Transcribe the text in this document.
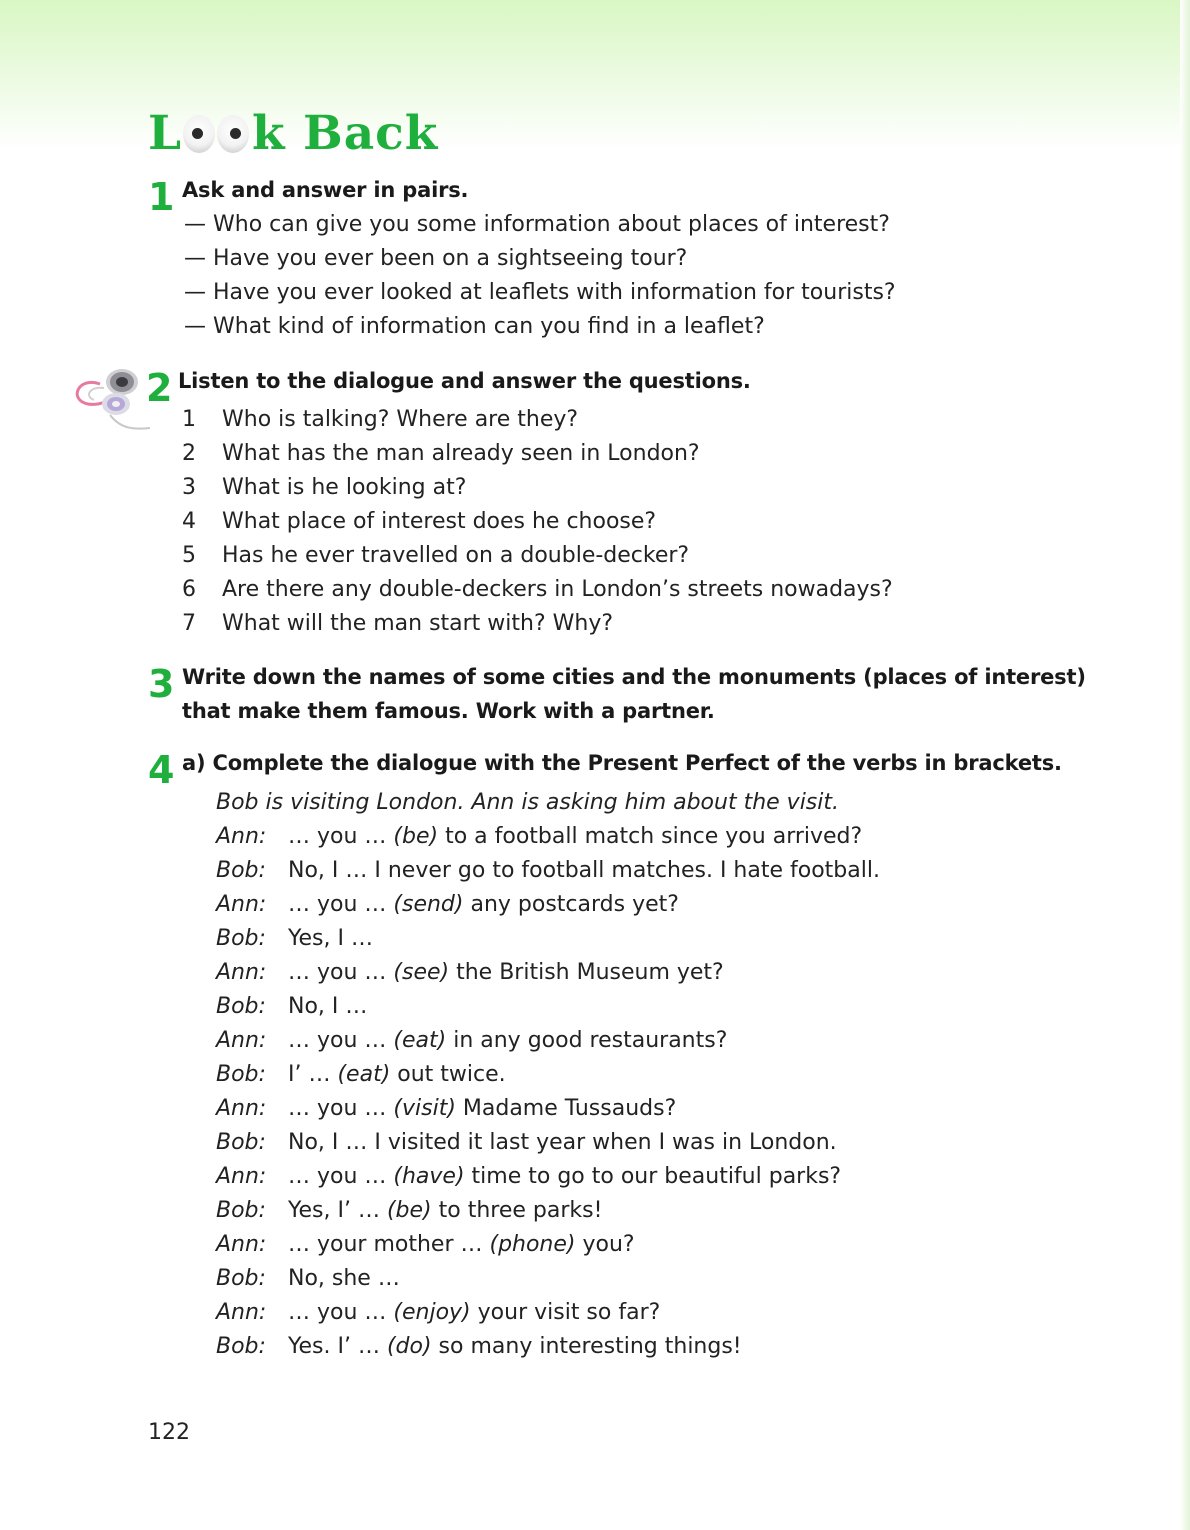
L k Back
1 Ask and answer in pairs.
— Who can give you some information about places of interest?
— Have you ever been on a sightseeing tour?
— Have you ever looked at leaflets with information for tourists?
— What kind of information can you find in a leaflet?
2 Listen to the dialogue and answer the questions.
1 Who is talking? Where are they?
2 What has the man already seen in London?
3 What is he looking at?
4 What place of interest does he choose?
5 Has he ever travelled on a double-decker?
6 Are there any double-deckers in London’s streets nowadays?
7 What will the man start with? Why?
3 Write down the names of some cities and the monuments (places of interest)
that make them famous. Work with a partner.
4 a) Complete the dialogue with the Present Perfect of the verbs in brackets.
Bob is visiting London. Ann is asking him about the visit.
Ann: … you … (be) to a football match since you arrived?
Bob: No, I … I never go to football matches. I hate football.
Ann: … you … (send) any postcards yet?
Bob: Yes, I …
Ann: … you … (see) the British Museum yet?
Bob: No, I …
Ann: … you … (eat) in any good restaurants?
Bob: I’ … (eat) out twice.
Ann: … you … (visit) Madame Tussauds?
Bob: No, I … I visited it last year when I was in London.
Ann: … you … (have) time to go to our beautiful parks?
Bob: Yes, I’ … (be) to three parks!
Ann: … your mother … (phone) you?
Bob: No, she …
Ann: … you … (enjoy) your visit so far?
Bob: Yes. I’ … (do) so many interesting things!
122
